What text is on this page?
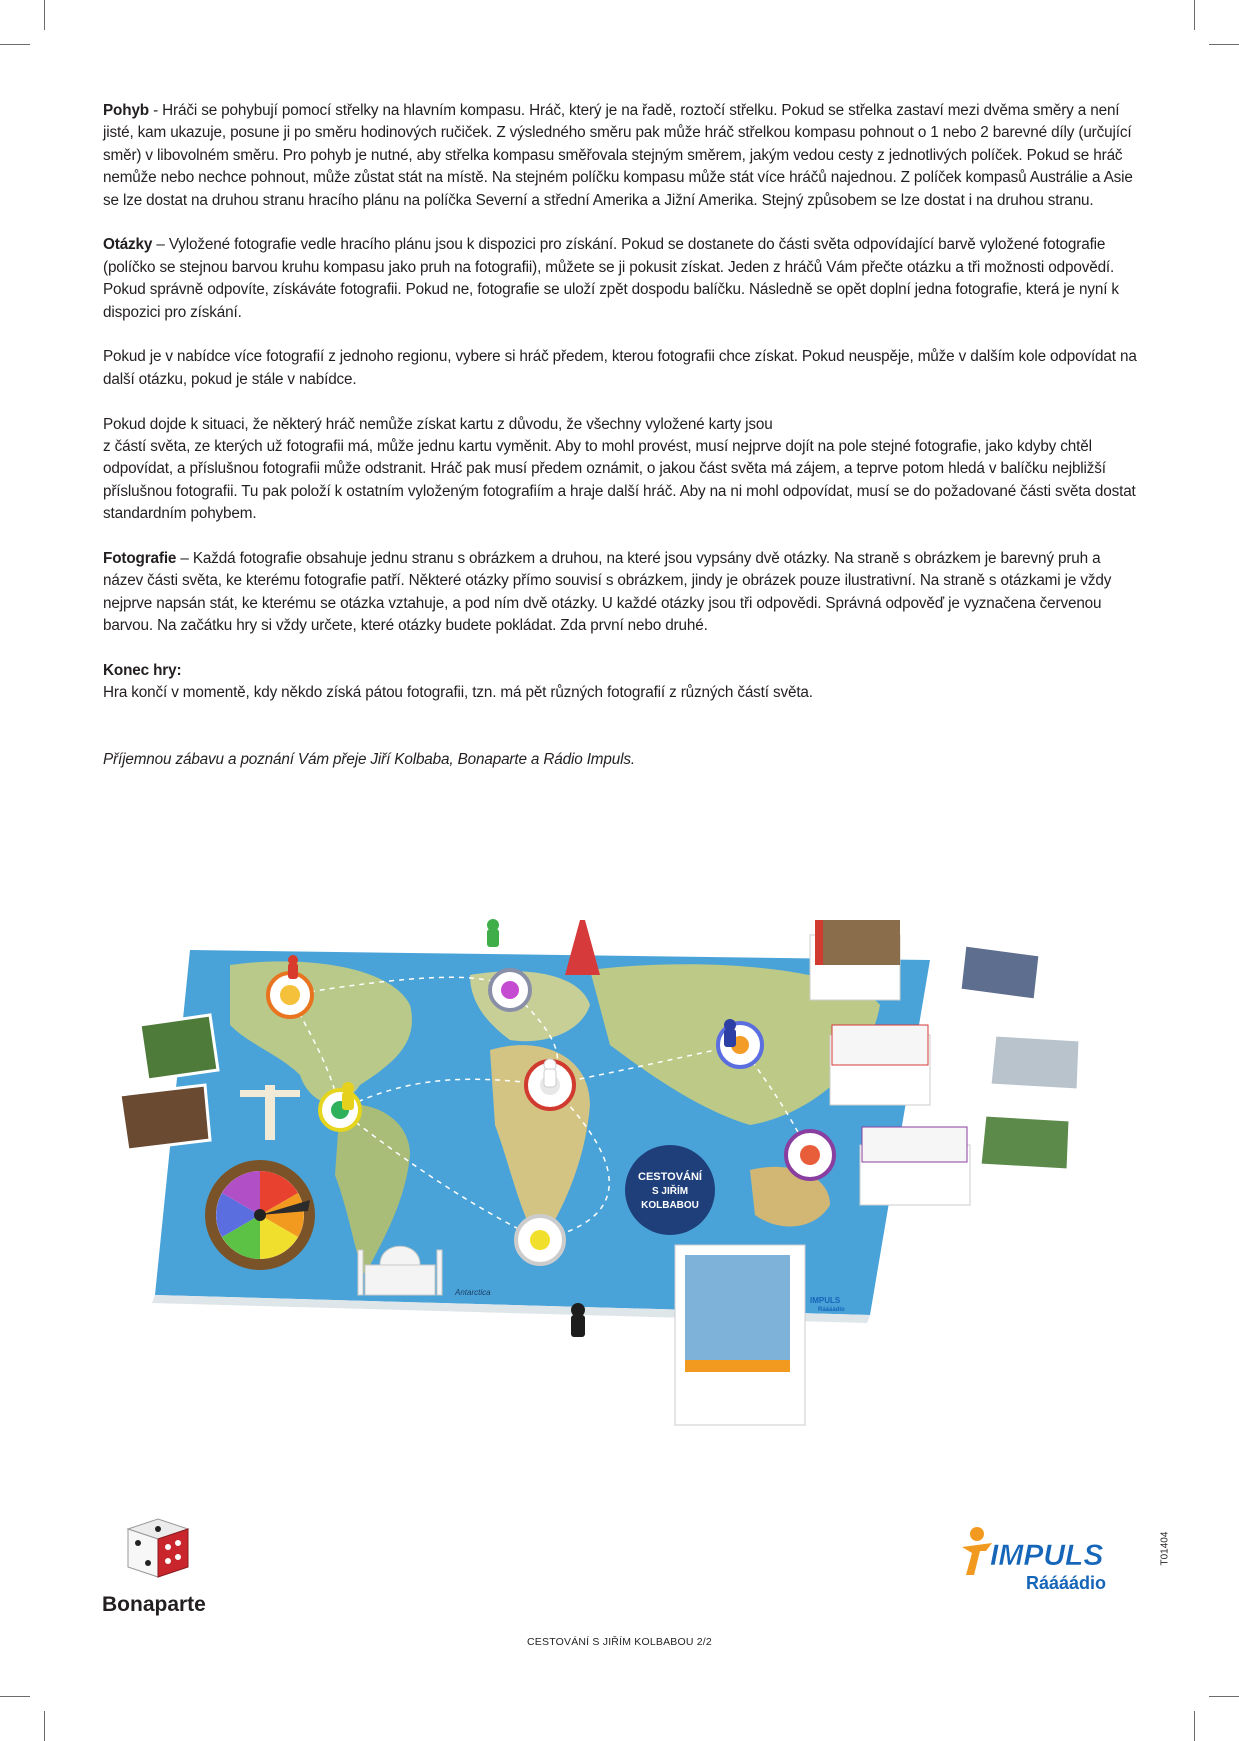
Pohyb - Hráči se pohybují pomocí střelky na hlavním kompasu. Hráč, který je na řadě, roztočí střelku. Pokud se střelka zastaví mezi dvěma směry a není jisté, kam ukazuje, posune ji po směru hodinových ručiček. Z výsledného směru pak může hráč střelkou kompasu pohnout o 1 nebo 2 barevné díly (určující směr) v libovolném směru. Pro pohyb je nutné, aby střelka kompasu směřovala stejným směrem, jakým vedou cesty z jednotlivých políček. Pokud se hráč nemůže nebo nechce pohnout, může zůstat stát na místě. Na stejném políčku kompasu může stát více hráčů najednou. Z políček kompasů Austrálie a Asie se lze dostat na druhou stranu hracího plánu na políčka Severní a střední Amerika a Jižní Amerika. Stejný způsobem se lze dostat i na druhou stranu.

Otázky – Vyložené fotografie vedle hracího plánu jsou k dispozici pro získání. Pokud se dostanete do části světa odpovídající barvě vyložené fotografie (políčko se stejnou barvou kruhu kompasu jako pruh na fotografii), můžete se ji pokusit získat. Jeden z hráčů Vám přečte otázku a tři možnosti odpovědí. Pokud správně odpovíte, získáváte fotografii. Pokud ne, fotografie se uloží zpět dospodu balíčku. Následně se opět doplní jedna fotografie, která je nyní k dispozici pro získání.

Pokud je v nabídce více fotografií z jednoho regionu, vybere si hráč předem, kterou fotografii chce získat. Pokud neuspěje, může v dalším kole odpovídat na další otázku, pokud je stále v nabídce.

Pokud dojde k situaci, že některý hráč nemůže získat kartu z důvodu, že všechny vyložené karty jsou
z částí světa, ze kterých už fotografii má, může jednu kartu vyměnit. Aby to mohl provést, musí nejprve dojít na pole stejné fotografie, jako kdyby chtěl odpovídat, a příslušnou fotografii může odstranit. Hráč pak musí předem oznámit, o jakou část světa má zájem, a teprve potom hledá v balíčku nejbližší příslušnou fotografii. Tu pak položí k ostatním vyloženým fotografiím a hraje další hráč. Aby na ni mohl odpovídat, musí se do požadované části světa dostat standardním pohybem.

Fotografie – Každá fotografie obsahuje jednu stranu s obrázkem a druhou, na které jsou vypsány dvě otázky. Na straně s obrázkem je barevný pruh a název části světa, ke kterému fotografie patří. Některé otázky přímo souvisí s obrázkem, jindy je obrázek pouze ilustrativní. Na straně s otázkami je vždy nejprve napsán stát, ke kterému se otázka vztahuje, a pod ním dvě otázky. U každé otázky jsou tři odpovědi. Správná odpověď je vyznačena červenou barvou. Na začátku hry si vždy určete, které otázky budete pokládat. Zda první nebo druhé.

Konec hry:
Hra končí v momentě, kdy někdo získá pátou fotografii, tzn. má pět různých fotografií z různých částí světa.

Příjemnou zábavu a poznání Vám přeje Jiří Kolbaba, Bonaparte a Rádio Impuls.

CESTOVÁNÍ
S JIŘÍM
KOLBABOU
Antarctica
IMPULS
Ráááádio
Bonaparte
IMPULS
Ráááádio
T01404
CESTOVÁNÍ S JIŘÍM KOLBABOU 2/2
